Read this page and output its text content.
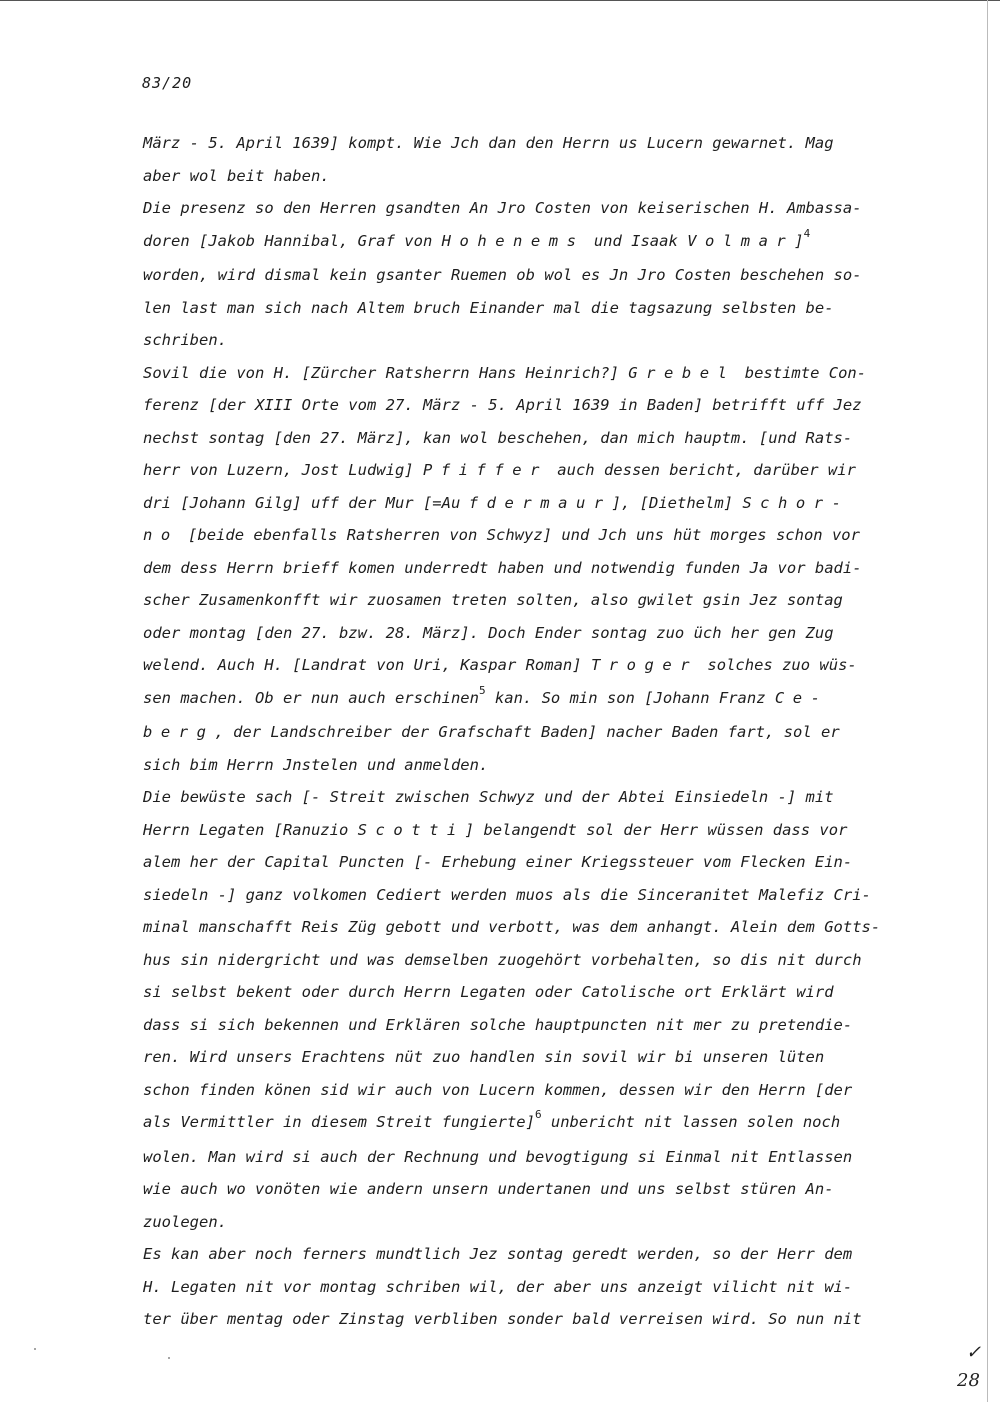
83/20
März - 5. April 1639] kompt. Wie Jch dan den Herrn us Lucern gewarnet. Mag
aber wol beit haben.
Die presenz so den Herren gsandten An Jro Costen von keiserischen H. Ambassa-
doren [Jakob Hannibal, Graf von Hohenems und Isaak Volmar]$^4$
worden, wird dismal kein gsanter Ruemen ob wol es Jn Jro Costen beschehen so-
len last man sich nach Altem bruch Einander mal die tagsazung selbsten be-
schriben.
Sovil die von H. [Zürcher Ratsherrn Hans Heinrich?] Grebel bestimte Con-
ferenz [der XIII Orte vom 27. März - 5. April 1639 in Baden] betrifft uff Jez
nechst sontag [den 27. März], kan wol beschehen, dan mich hauptm. [und Rats-
herr von Luzern, Jost Ludwig] Pfiffer auch dessen bericht, darüber wir
dri [Johann Gilg] uff der Mur [=Aufdermaur], [Diethelm] Schor-
no [beide ebenfalls Ratsherren von Schwyz] und Jch uns hüt morges schon vor
dem dess Herrn brieff komen underredt haben und notwendig funden Ja vor badi-
scher Zusamenkonfft wir zuosamen treten solten, also gwilet gsin Jez sontag
oder montag [den 27. bzw. 28. März]. Doch Ender sontag zuo üch her gen Zug
welend. Auch H. [Landrat von Uri, Kaspar Roman] Troger solches zuo wüs-
sen machen. Ob er nun auch erschinen$^5$ kan. So min son [Johann Franz Ce-
berg, der Landschreiber der Grafschaft Baden] nacher Baden fart, sol er
sich bim Herrn Jnstelen und anmelden.
Die bewüste sach [- Streit zwischen Schwyz und der Abtei Einsiedeln -] mit
Herrn Legaten [Ranuzio Scotti] belangendt sol der Herr wüssen dass vor
alem her der Capital Puncten [- Erhebung einer Kriegssteuer vom Flecken Ein-
siedeln -] ganz volkomen Cediert werden muos als die Sinceranitet Malefiz Cri-
minal manschafft Reis Züg gebott und verbott, was dem anhangt. Alein dem Gotts-
hus sin nidergricht und was demselben zuogehört vorbehalten, so dis nit durch
si selbst bekent oder durch Herrn Legaten oder Catolische ort Erklärt wird
dass si sich bekennen und Erklären solche hauptpuncten nit mer zu pretendie-
ren. Wird unsers Erachtens nüt zuo handlen sin sovil wir bi unseren lüten
schon finden könen sid wir auch von Lucern kommen, dessen wir den Herrn [der
als Vermittler in diesem Streit fungierte]$^6$ unbericht nit lassen solen noch
wolen. Man wird si auch der Rechnung und bevogtigung si Einmal nit Entlassen
wie auch wo vonöten wie andern unsern undertanen und uns selbst stüren An-
zuolegen.
Es kan aber noch ferners mundtlich Jez sontag geredt werden, so der Herr dem
H. Legaten nit vor montag schriben wil, der aber uns anzeigt vilicht nit wi-
ter über mentag oder Zinstag verbliben sonder bald verreisen wird. So nun nit
✓
28
